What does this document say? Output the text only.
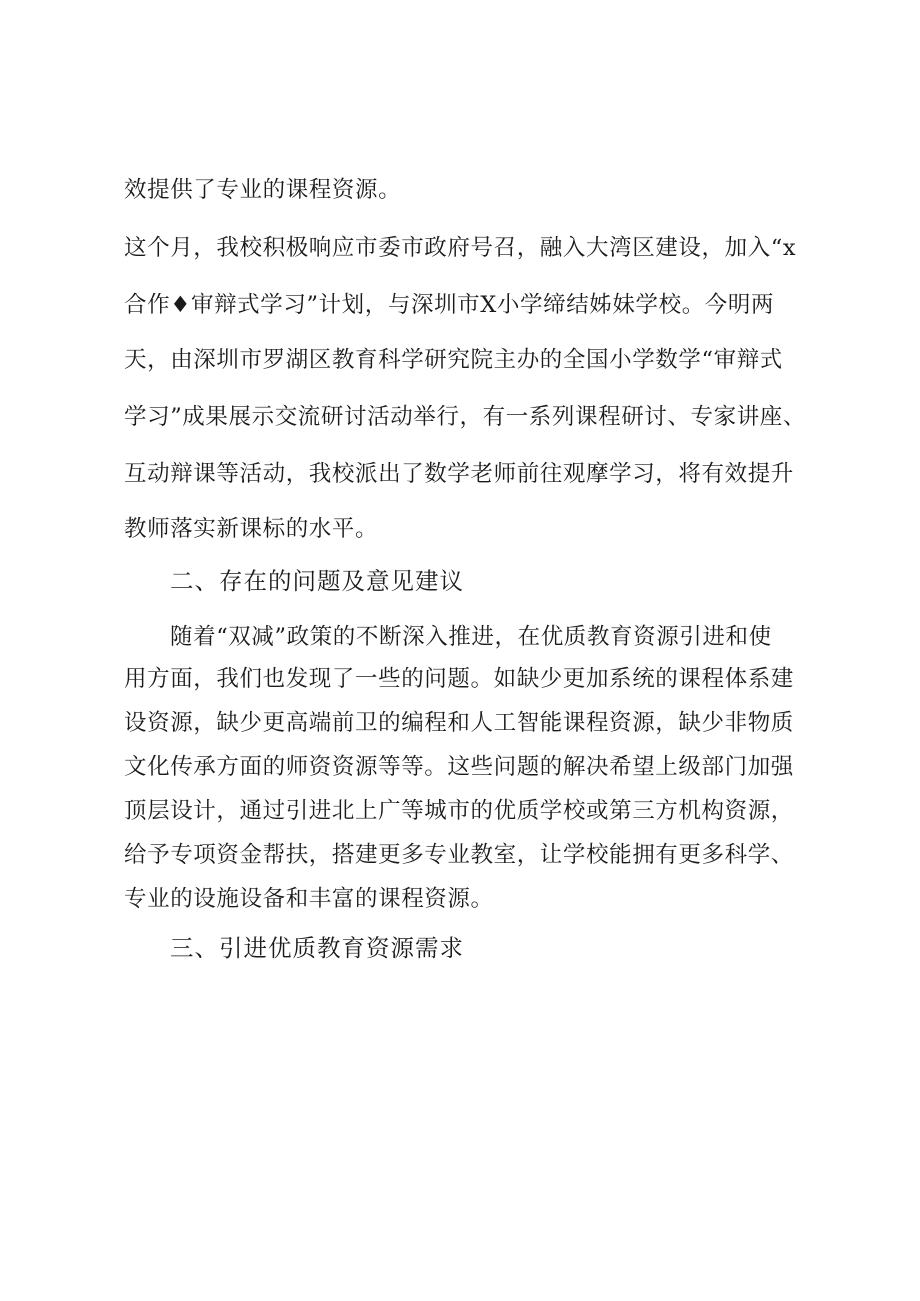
效提供了专业的课程资源。
这个月，我校积极响应市委市政府号召，融入大湾区建设，加入“x
合作♦审辩式学习”计划，与深圳市X小学缔结姊妹学校。今明两
天，由深圳市罗湖区教育科学研究院主办的全国小学数学“审辩式
学习”成果展示交流研讨活动举行，有一系列课程研讨、专家讲座、
互动辩课等活动，我校派出了数学老师前往观摩学习，将有效提升
教师落实新课标的水平。
二、存在的问题及意见建议
随着“双减”政策的不断深入推进，在优质教育资源引进和使
用方面，我们也发现了一些的问题。如缺少更加系统的课程体系建
设资源，缺少更高端前卫的编程和人工智能课程资源，缺少非物质
文化传承方面的师资资源等等。这些问题的解决希望上级部门加强
顶层设计，通过引进北上广等城市的优质学校或第三方机构资源，
给予专项资金帮扶，搭建更多专业教室，让学校能拥有更多科学、
专业的设施设备和丰富的课程资源。
三、引进优质教育资源需求
